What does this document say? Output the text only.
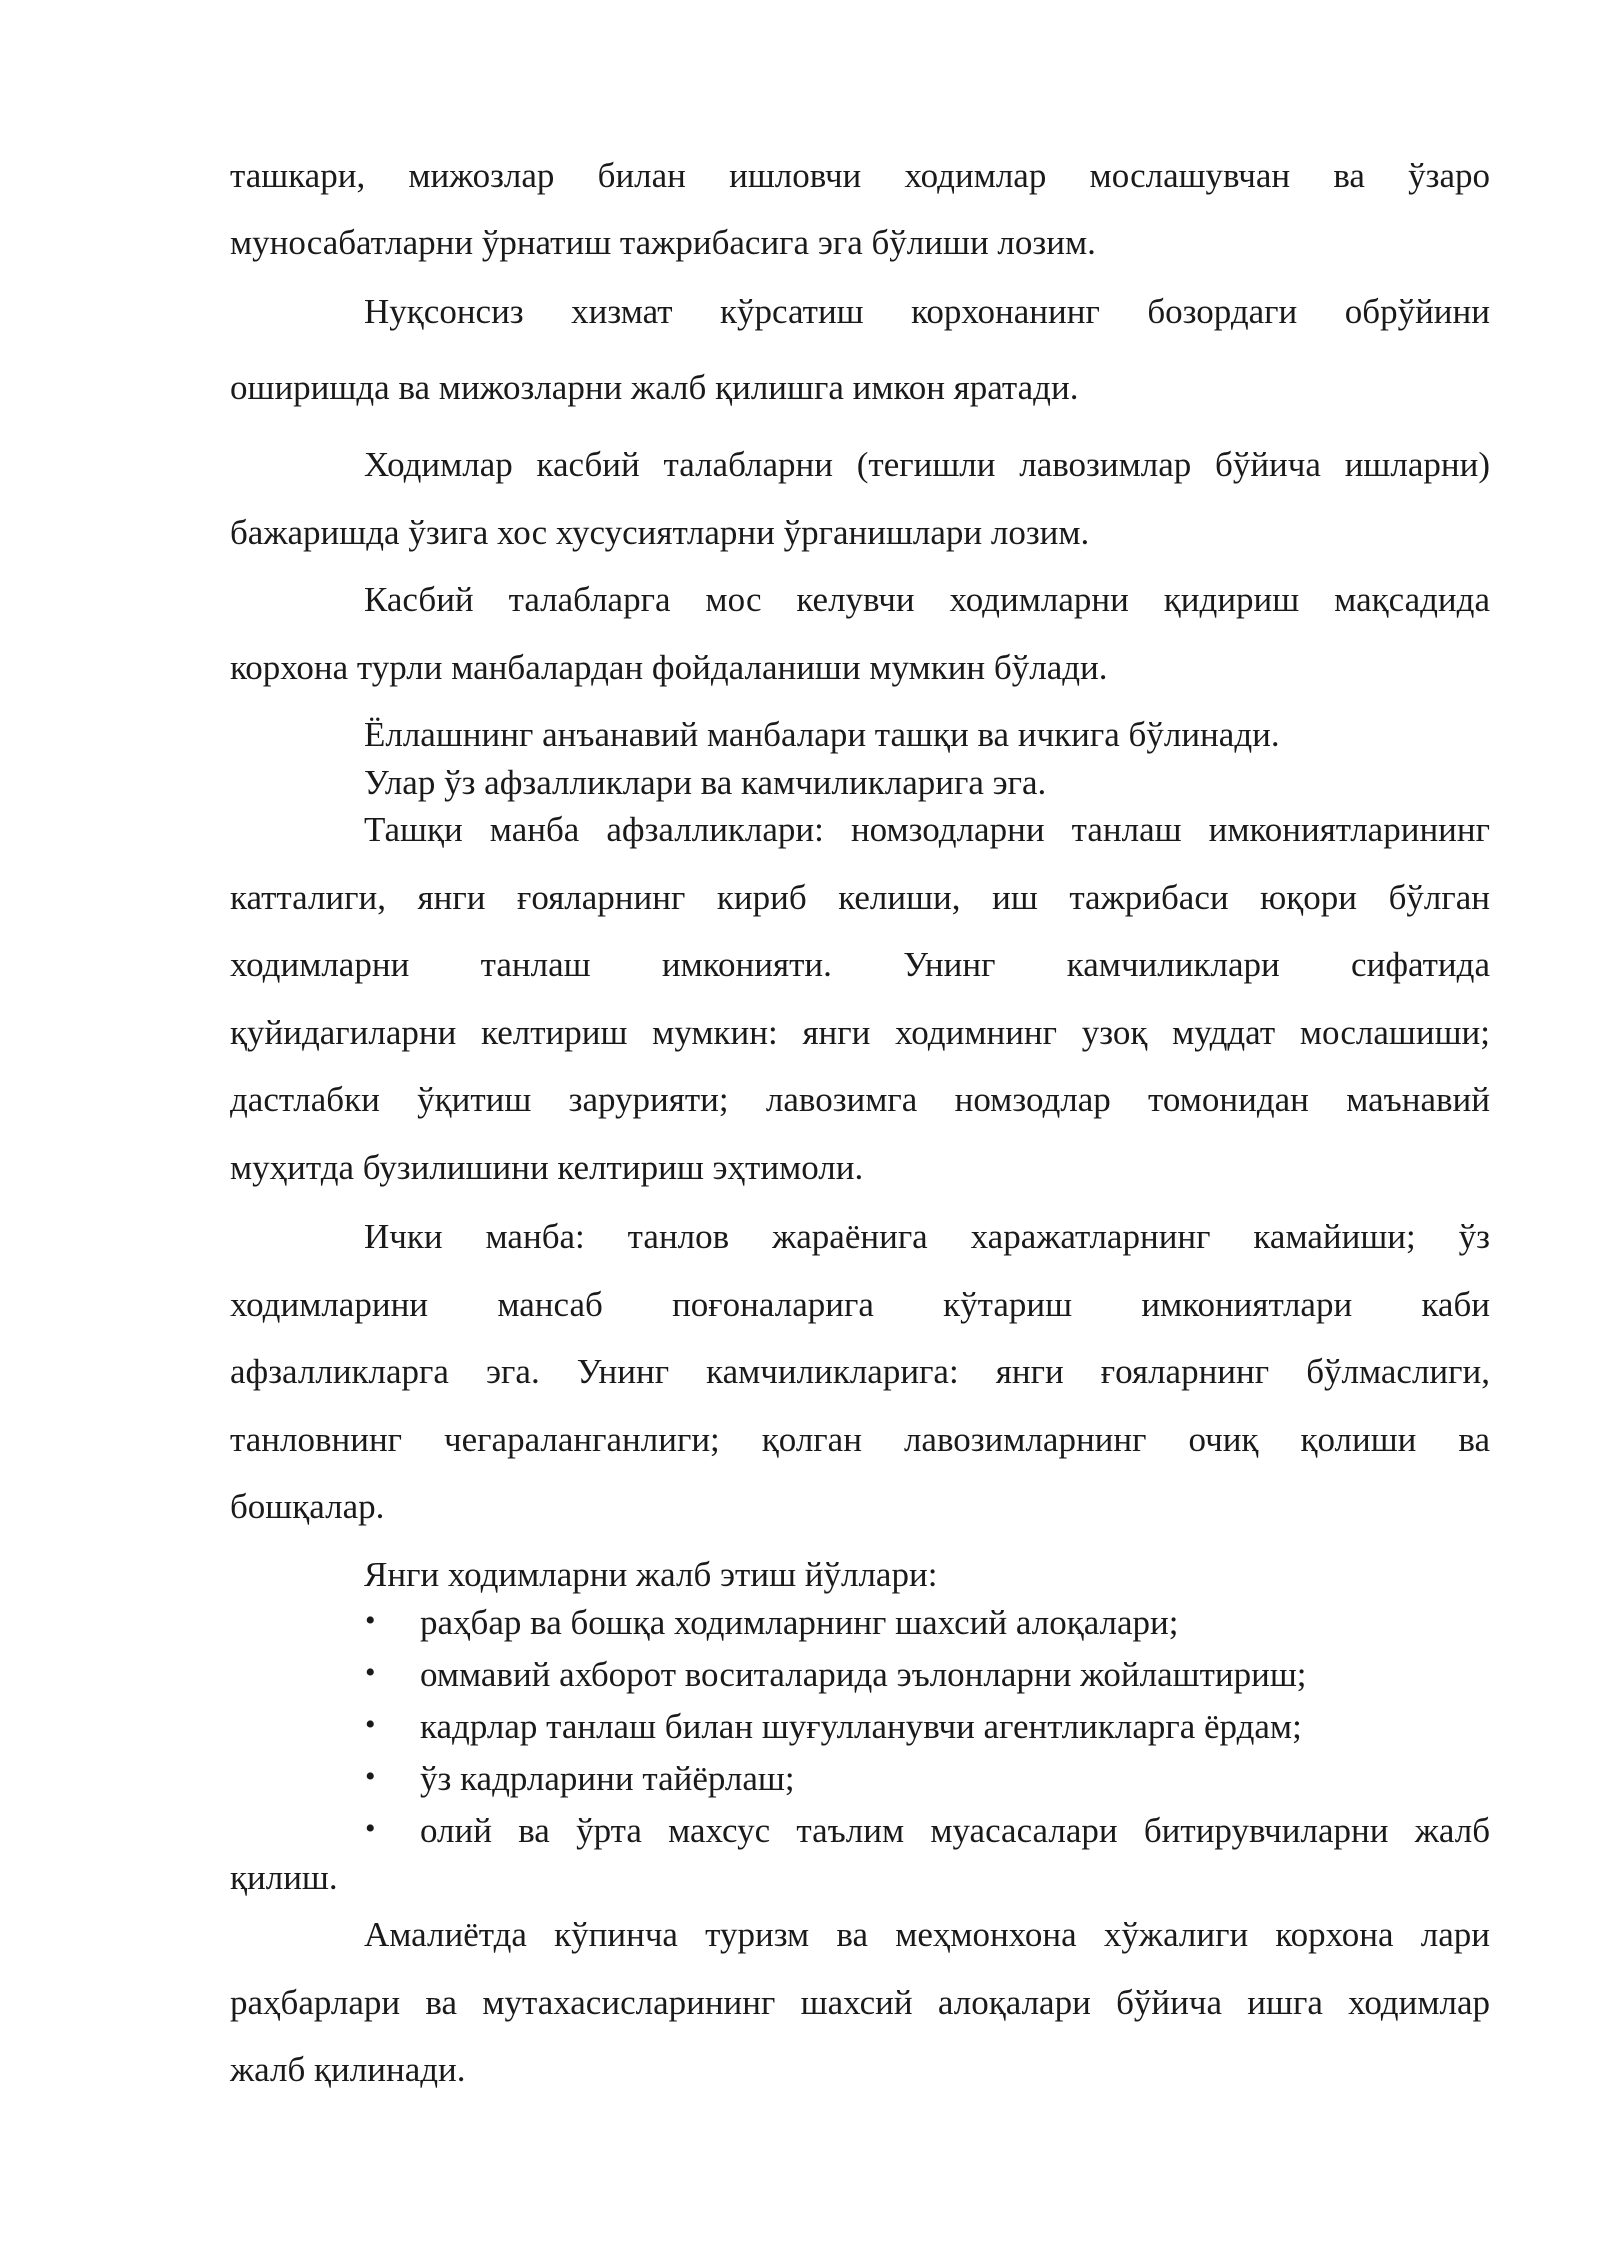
ташкари, мижозлар билан ишловчи ходимлар мослашувчан ва ўзаро
муносабатларни ўрнатиш тажрибасига эга бўлиши лозим.
Нуқсонсиз хизмат кўрсатиш корхонанинг бозордаги обрўйини
оширишда ва мижозларни жалб қилишга имкон яратади.
Ходимлар касбий талабларни (тегишли лавозимлар бўйича ишларни)
бажаришда ўзига хос хусусиятларни ўрганишлари лозим.
Касбий талабларга мос келувчи ходимларни қидириш мақсадида
корхона турли манбалардан фойдаланиши мумкин бўлади.
Ёллашнинг анъанавий манбалари ташқи ва ичкига бўлинади.
Улар ўз афзалликлари ва камчиликларига эга.
Ташқи манба афзалликлари: номзодларни танлаш имкониятларининг
катталиги, янги ғояларнинг кириб келиши, иш тажрибаси юқори бўлган
ходимларни танлаш имконияти. Унинг камчиликлари сифатида
қуйидагиларни келтириш мумкин: янги ходимнинг узоқ муддат мослашиши;
дастлабки ўқитиш зарурияти; лавозимга номзодлар томонидан маънавий
муҳитда бузилишини келтириш эҳтимоли.
Ички манба: танлов жараёнига харажатларнинг камайиши; ўз
ходимларини мансаб поғоналарига кўтариш имкониятлари каби
афзалликларга эга. Унинг камчиликларига: янги ғояларнинг бўлмаслиги,
танловнинг чегараланганлиги; қолган лавозимларнинг очиқ қолиши ва
бошқалар.
Янги ходимларни жалб этиш йўллари:
• раҳбар ва бошқа ходимларнинг шахсий алоқалари;
• оммавий ахборот воситаларида эълонларни жойлаштириш;
• кадрлар танлаш билан шуғулланувчи агентликларга ёрдам;
• ўз кадрларини тайёрлаш;
• олий ва ўрта махсус таълим муасасалари битирувчиларни жалб
қилиш.
Амалиётда кўпинча туризм ва меҳмонхона хўжалиги корхона лари
раҳбарлари ва мутахасисларининг шахсий алоқалари бўйича ишга ходимлар
жалб қилинади.
